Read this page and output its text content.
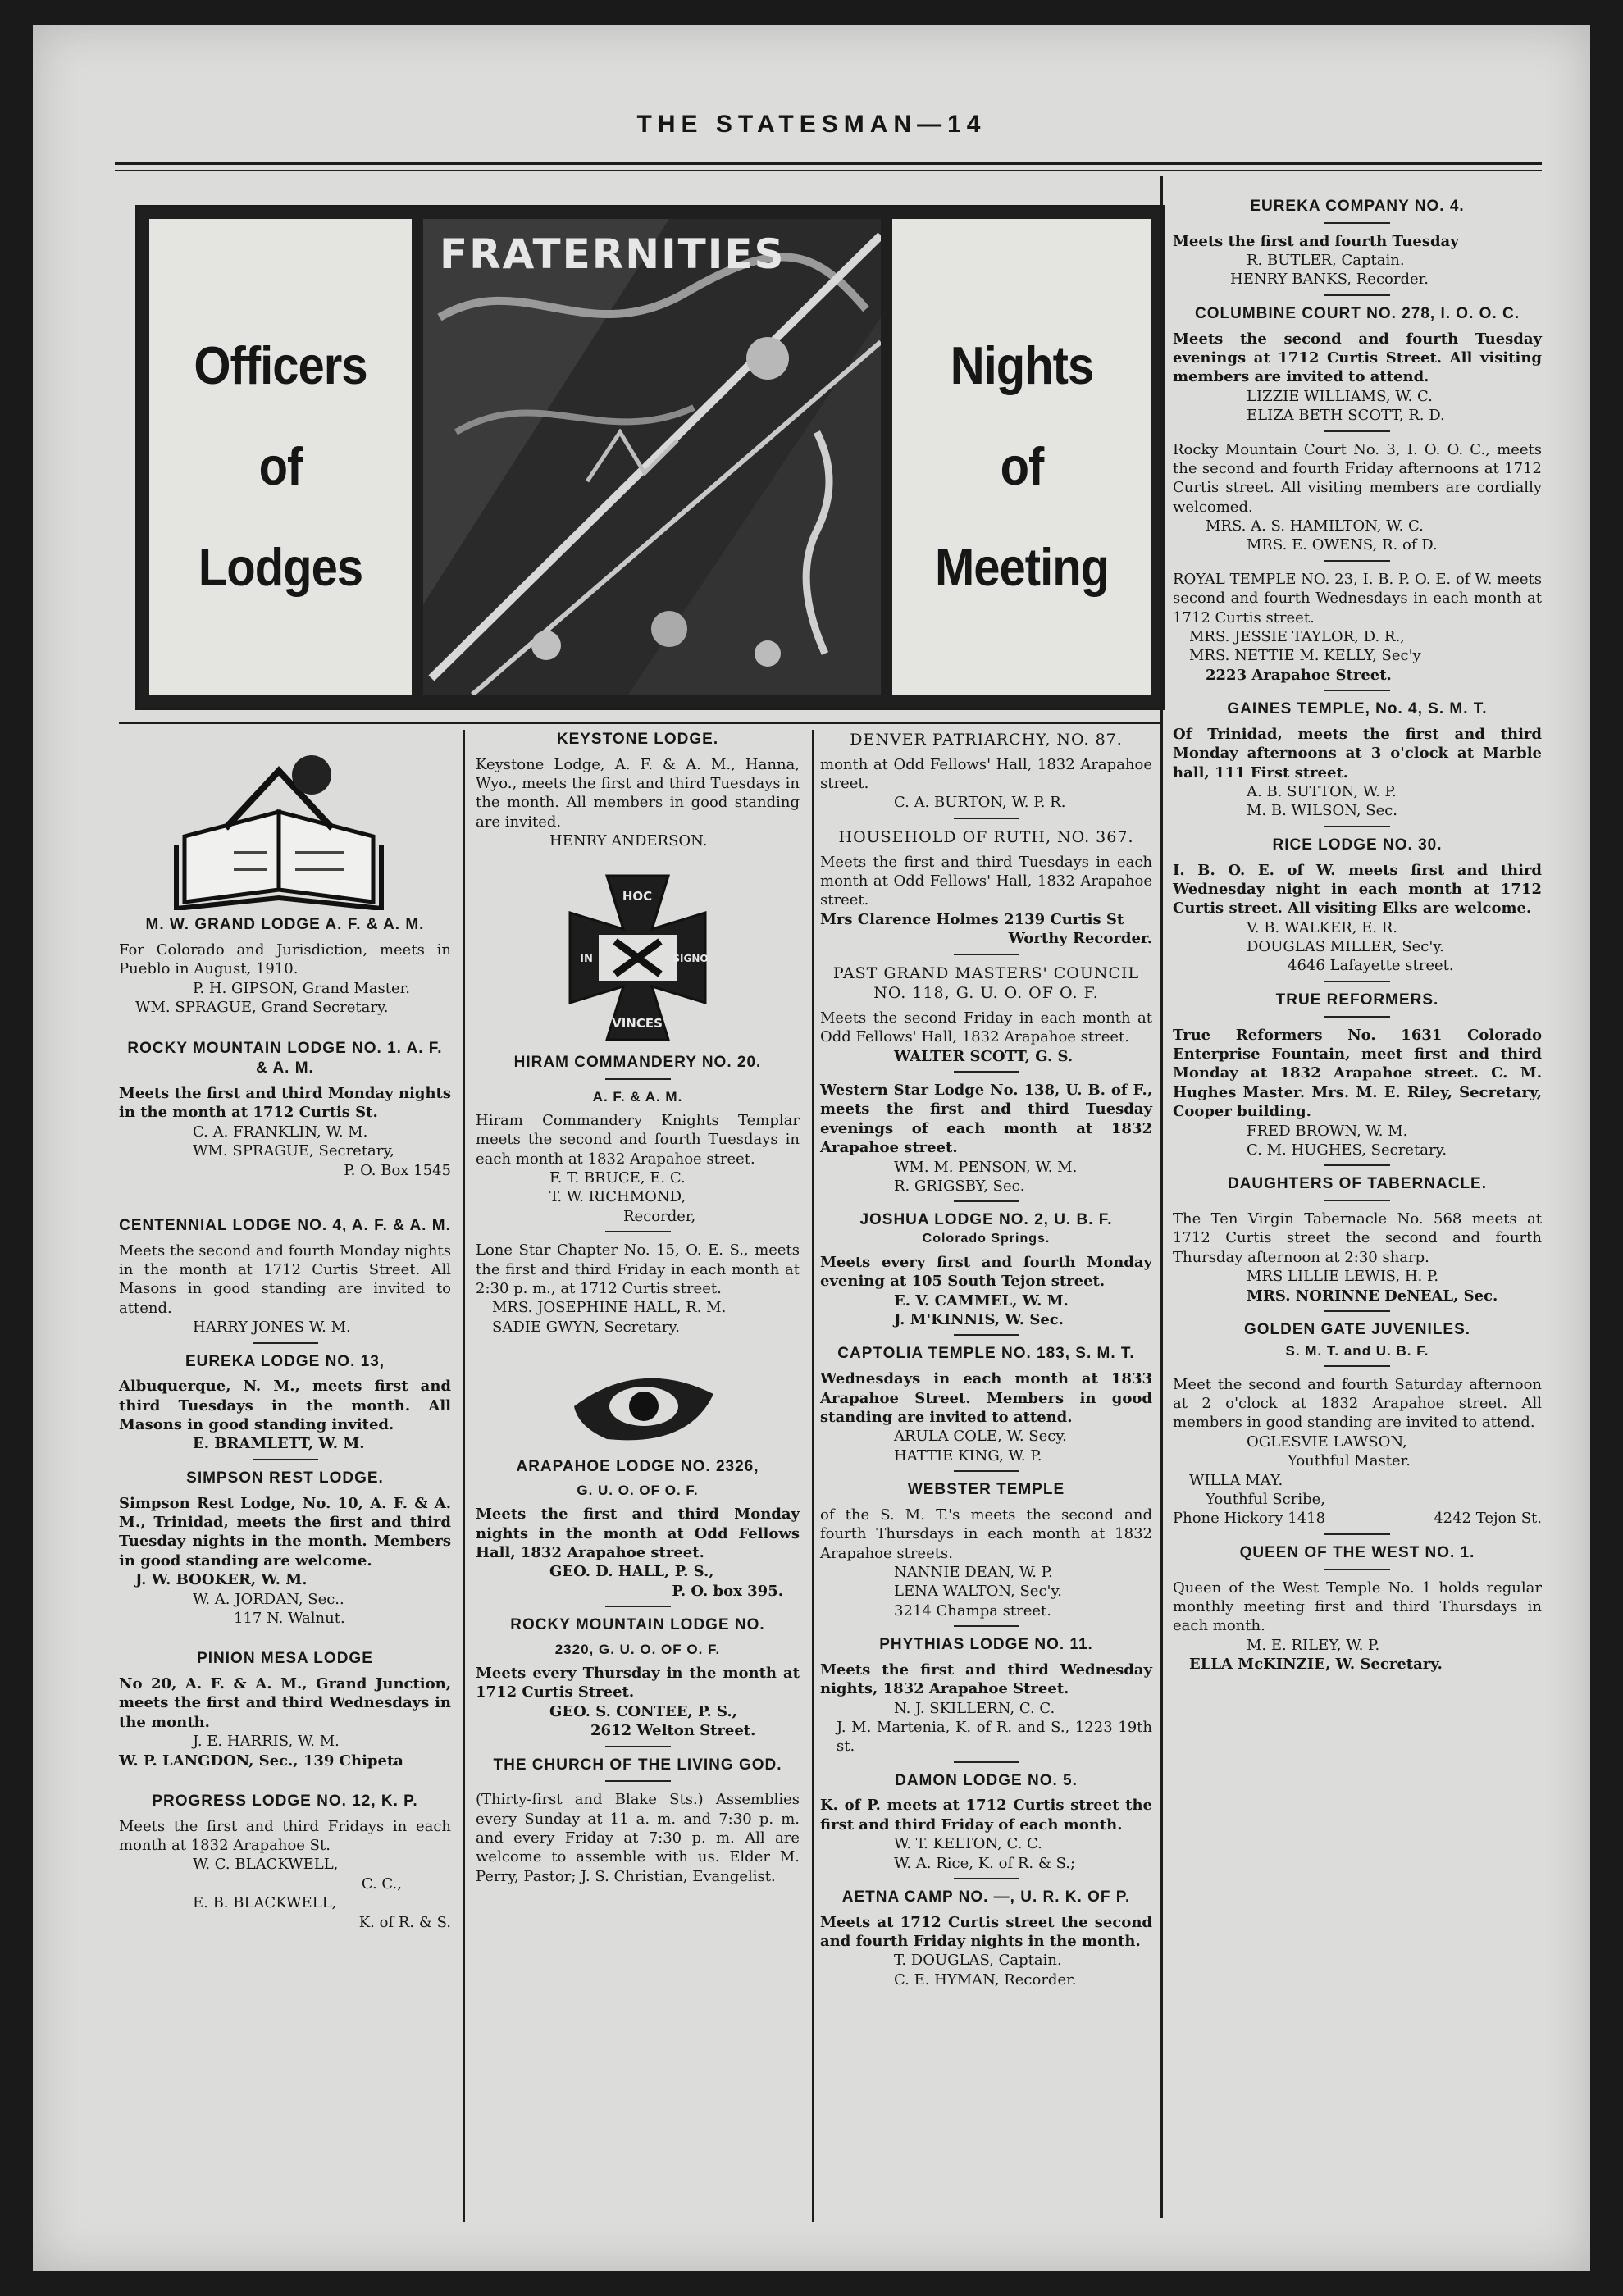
THE STATESMAN—14
Officers
of
Lodges
FRATERNITIES
Nights
of
Meeting

M. W. GRAND LODGE A. F. & A. M.

For Colorado and Jurisdiction, meets in Pueblo in August, 1910.

P. H. GIPSON, Grand Master.

WM. SPRAGUE, Grand Secretary.

ROCKY MOUNTAIN LODGE NO. 1. A. F. & A. M.

Meets the first and third Monday nights in the month at 1712 Curtis St.

C. A. FRANKLIN, W. M.

WM. SPRAGUE, Secretary,

P. O. Box 1545

CENTENNIAL LODGE NO. 4, A. F. & A. M.

Meets the second and fourth Monday nights in the month at 1712 Curtis Street. All Masons in good standing are invited to attend.

HARRY JONES W. M.

EUREKA LODGE NO. 13,

Albuquerque, N. M., meets first and third Tuesdays in the month. All Masons in good standing invited.

E. BRAMLETT, W. M.

SIMPSON REST LODGE.

Simpson Rest Lodge, No. 10, A. F. & A. M., Trinidad, meets the first and third Tuesday nights in the month. Members in good standing are welcome.

J. W. BOOKER, W. M.

W. A. JORDAN, Sec..

117 N. Walnut.

PINION MESA LODGE

No 20, A. F. & A. M., Grand Junction, meets the first and third Wednesdays in the month.

J. E. HARRIS, W. M.

W. P. LANGDON, Sec., 139 Chipeta

PROGRESS LODGE NO. 12, K. P.

Meets the first and third Fridays in each month at 1832 Arapahoe St.

W. C. BLACKWELL,

C. C.,

E. B. BLACKWELL,

K. of R. & S.

KEYSTONE LODGE.

Keystone Lodge, A. F. & A. M., Hanna, Wyo., meets the first and third Tuesdays in the month. All members in good standing are invited.

HENRY ANDERSON.

HOC
IN	SIGNO
VINCES

HIRAM COMMANDERY NO. 20.

A. F. & A. M.

Hiram Commandery Knights Templar meets the second and fourth Tuesdays in each month at 1832 Arapahoe street.

F. T. BRUCE, E. C.

T. W. RICHMOND,

Recorder,

Lone Star Chapter No. 15, O. E. S., meets the first and third Friday in each month at 2:30 p. m., at 1712 Curtis street.

MRS. JOSEPHINE HALL, R. M.

SADIE GWYN, Secretary.

ARAPAHOE LODGE NO. 2326,

G. U. O. OF O. F.

Meets the first and third Monday nights in the month at Odd Fellows Hall, 1832 Arapahoe street.

GEO. D. HALL, P. S.,

P. O. box 395.

ROCKY MOUNTAIN LODGE NO.

2320, G. U. O. OF O. F.

Meets every Thursday in the month at 1712 Curtis Street.

GEO. S. CONTEE, P. S.,

2612 Welton Street.

THE CHURCH OF THE LIVING GOD.

(Thirty-first and Blake Sts.) Assemblies every Sunday at 11 a. m. and 7:30 p. m. and every Friday at 7:30 p. m. All are welcome to assemble with us. Elder M. Perry, Pastor; J. S. Christian, Evangelist.

DENVER PATRIARCHY, NO. 87.

month at Odd Fellows' Hall, 1832 Arapahoe street.

C. A. BURTON, W. P. R.

HOUSEHOLD OF RUTH, NO. 367.

Meets the first and third Tuesdays in each month at Odd Fellows' Hall, 1832 Arapahoe street.

Mrs Clarence Holmes 2139 Curtis St

Worthy Recorder.

PAST GRAND MASTERS' COUNCIL NO. 118, G. U. O. OF O. F.

Meets the second Friday in each month at Odd Fellows' Hall, 1832 Arapahoe street.

WALTER SCOTT, G. S.

Western Star Lodge No. 138, U. B. of F., meets the first and third Tuesday evenings of each month at 1832 Arapahoe street.

WM. M. PENSON, W. M.

R. GRIGSBY, Sec.

JOSHUA LODGE NO. 2, U. B. F.

Colorado Springs.

Meets every first and fourth Monday evening at 105 South Tejon street.

E. V. CAMMEL, W. M.

J. M'KINNIS, W. Sec.

CAPTOLIA TEMPLE NO. 183, S. M. T.

Wednesdays in each month at 1833 Arapahoe Street. Members in good standing are invited to attend.

ARULA COLE, W. Secy.

HATTIE KING, W. P.

WEBSTER TEMPLE

of the S. M. T.'s meets the second and fourth Thursdays in each month at 1832 Arapahoe streets.

NANNIE DEAN, W. P.

LENA WALTON, Sec'y.

3214 Champa street.

PHYTHIAS LODGE NO. 11.

Meets the first and third Wednesday nights, 1832 Arapahoe Street.

N. J. SKILLERN, C. C.

J. M. Martenia, K. of R. and S., 1223 19th st.

DAMON LODGE NO. 5.

K. of P. meets at 1712 Curtis street the first and third Friday of each month.

W. T. KELTON, C. C.

W. A. Rice, K. of R. & S.;

AETNA CAMP NO. —, U. R. K. OF P.

Meets at 1712 Curtis street the second and fourth Friday nights in the month.

T. DOUGLAS, Captain.

C. E. HYMAN, Recorder.

EUREKA COMPANY NO. 4.

Meets the first and fourth Tuesday

R. BUTLER, Captain.

HENRY BANKS, Recorder.

COLUMBINE COURT NO. 278, I. O. O. C.

Meets the second and fourth Tuesday evenings at 1712 Curtis Street. All visiting members are invited to attend.

LIZZIE WILLIAMS, W. C.

ELIZA BETH SCOTT, R. D.

Rocky Mountain Court No. 3, I. O. O. C., meets the second and fourth Friday afternoons at 1712 Curtis street. All visiting members are cordially welcomed.

MRS. A. S. HAMILTON, W. C.

MRS. E. OWENS, R. of D.

ROYAL TEMPLE NO. 23, I. B. P. O. E. of W. meets second and fourth Wednesdays in each month at 1712 Curtis street.

MRS. JESSIE TAYLOR, D. R.,

MRS. NETTIE M. KELLY, Sec'y

2223 Arapahoe Street.

GAINES TEMPLE, No. 4, S. M. T.

Of Trinidad, meets the first and third Monday afternoons at 3 o'clock at Marble hall, 111 First street.

A. B. SUTTON, W. P.

M. B. WILSON, Sec.

RICE LODGE NO. 30.

I. B. O. E. of W. meets first and third Wednesday night in each month at 1712 Curtis street. All visiting Elks are welcome.

V. B. WALKER, E. R.

DOUGLAS MILLER, Sec'y.

4646 Lafayette street.

TRUE REFORMERS.

True Reformers No. 1631 Colorado Enterprise Fountain, meet first and third Monday at 1832 Arapahoe street. C. M. Hughes Master. Mrs. M. E. Riley, Secretary, Cooper building.

FRED BROWN, W. M.

C. M. HUGHES, Secretary.

DAUGHTERS OF TABERNACLE.

The Ten Virgin Tabernacle No. 568 meets at 1712 Curtis street the second and fourth Thursday afternoon at 2:30 sharp.

MRS LILLIE LEWIS, H. P.

MRS. NORINNE DeNEAL, Sec.

GOLDEN GATE JUVENILES.

S. M. T. and U. B. F.

Meet the second and fourth Saturday afternoon at 2 o'clock at 1832 Arapahoe street. All members in good standing are invited to attend.

OGLESVIE LAWSON,

Youthful Master.

WILLA MAY.

Youthful Scribe,

Phone Hickory 1418	4242 Tejon St.

QUEEN OF THE WEST NO. 1.

Queen of the West Temple No. 1 holds regular monthly meeting first and third Thursdays in each month.

M. E. RILEY, W. P.

ELLA McKINZIE, W. Secretary.
